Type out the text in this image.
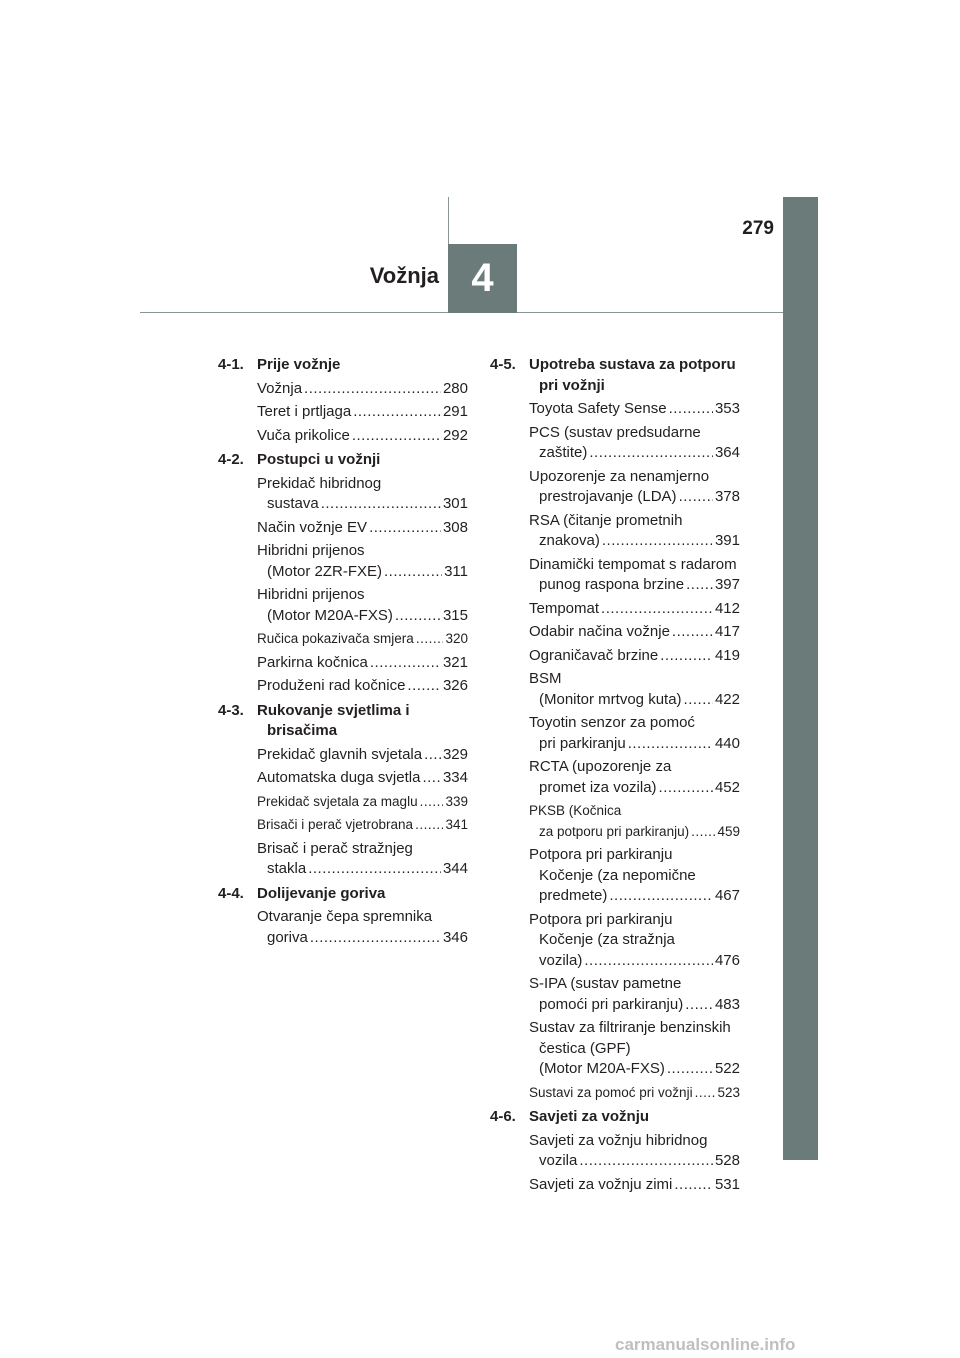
279
Vožnja 4
4-1. Prije vožnje
Vožnja .....	280
Teret i prtljaga .....	291
Vuča prikolice .....	292
4-2. Postupci u vožnji
Prekidač hibridnog
sustava .....	301
Način vožnje EV .....	308
Hibridni prijenos
(Motor 2ZR-FXE) .....	311
Hibridni prijenos
(Motor M20A-FXS) .....	315
Ručica pokazivača smjera ..... 320
Parkirna kočnica .....	321
Produženi rad kočnice .....	326
4-3. Rukovanje svjetlima i
brisačima
Prekidač glavnih svjetala ..... 329
Automatska duga svjetla ..... 334
Prekidač svjetala za maglu ..... 339
Brisači i perač vjetrobrana ..... 341
Brisač i perač stražnjeg
stakla .....	344
4-4. Dolijevanje goriva
Otvaranje čepa spremnika
goriva .....	346
4-5. Upotreba sustava za potporu
pri vožnji
Toyota Safety Sense .....	353
PCS (sustav predsudarne
zaštite) .....	364
Upozorenje za nenamjerno
prestrojavanje (LDA) .....	378
RSA (čitanje prometnih
znakova) .....	391
Dinamički tempomat s radarom
punog raspona brzine ..... 397
Tempomat .....	412
Odabir načina vožnje .....	417
Ograničavač brzine .....	419
BSM
(Monitor mrtvog kuta) ..... 422
Toyotin senzor za pomoć
pri parkiranju .....	440
RCTA (upozorenje za
promet iza vozila) .....	452
PKSB (Kočnica
za potporu pri parkiranju) ..... 459
Potpora pri parkiranju
Kočenje (za nepomične
predmete) .....	467
Potpora pri parkiranju
Kočenje (za stražnja
vozila) .....	476
S-IPA (sustav pametne
pomoći pri parkiranju) ..... 483
Sustav za filtriranje benzinskih
čestica (GPF)
(Motor M20A-FXS) .....	522
Sustavi za pomoć pri vožnji ..... 523
4-6. Savjeti za vožnju
Savjeti za vožnju hibridnog
vozila .....	528
Savjeti za vožnju zimi .....	531
carmanualsonline.info
